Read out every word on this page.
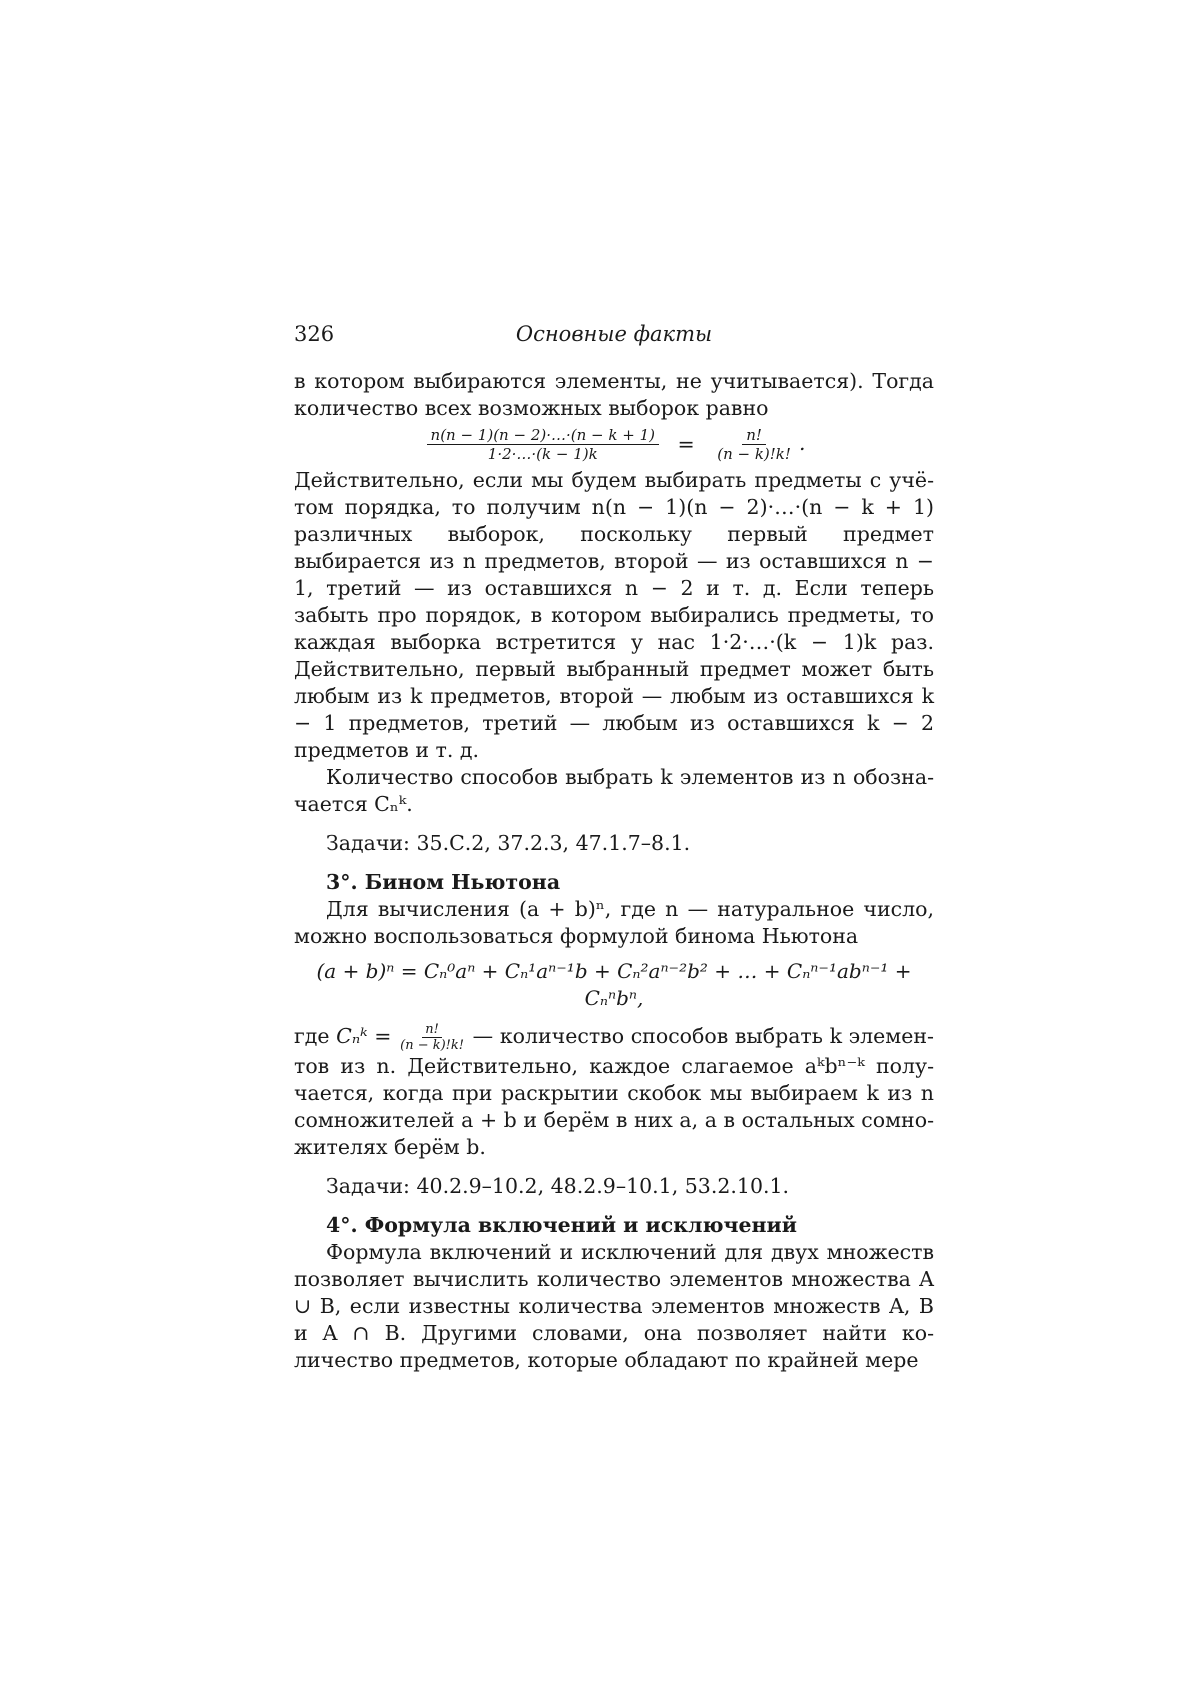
326	Основные факты

в котором выбираются элементы, не учитывается). Тогда количество всех возможных выборок равно

$\frac{n(n - 1)(n - 2)\cdot\dots\cdot(n - k + 1)}{1\cdot 2\cdot\dots\cdot(k - 1)k} = \frac{n!}{(n - k)!k!}$ .

Действительно, если мы будем выбирать предметы с учётом порядка, то получим n(n − 1)(n − 2)·…·(n − k + 1) различных выборок, поскольку первый предмет выбирается из n предметов, второй — из оставшихся n − 1, третий — из оставшихся n − 2 и т. д. Если теперь забыть про порядок, в котором выбирались предметы, то каждая выборка встретится у нас 1·2·…·(k − 1)k раз. Действительно, первый выбранный предмет может быть любым из k предметов, второй — любым из оставшихся k − 1 предметов, третий — любым из оставшихся k − 2 предметов и т. д.

Количество способов выбрать k элементов из n обозначается Cₙᵏ.

Задачи: 35.С.2, 37.2.3, 47.1.7–8.1.

3°. Бином Ньютона

Для вычисления (a + b)ⁿ, где n — натуральное число, можно воспользоваться формулой бинома Ньютона

(a + b)ⁿ = Cₙ⁰aⁿ + Cₙ¹aⁿ⁻¹b + Cₙ²aⁿ⁻²b² + … + Cₙⁿ⁻¹abⁿ⁻¹ + Cₙⁿbⁿ,

где Cₙᵏ = $\frac{n!}{(n - k)!k!}$ — количество способов выбрать k элементов из n. Действительно, каждое слагаемое aᵏbⁿ⁻ᵏ получается, когда при раскрытии скобок мы выбираем k из n сомножителей a + b и берём в них a, а в остальных сомножителях берём b.

Задачи: 40.2.9–10.2, 48.2.9–10.1, 53.2.10.1.

4°. Формула включений и исключений

Формула включений и исключений для двух множеств позволяет вычислить количество элементов множества A ∪ B, если известны количества элементов множеств A, B и A ∩ B. Другими словами, она позволяет найти количество предметов, которые обладают по крайней мере
